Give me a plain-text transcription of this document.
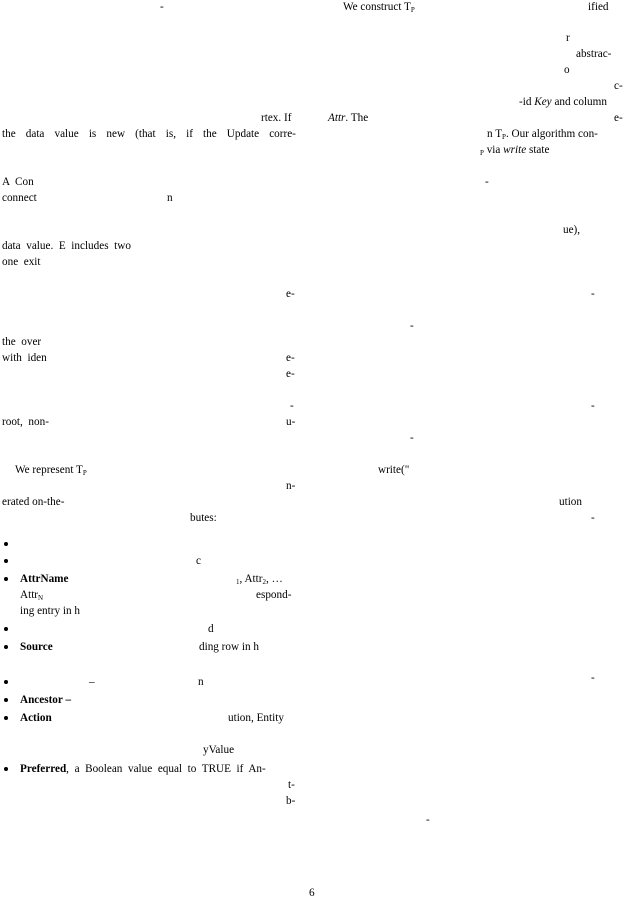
-
rtex. If
the data value is new (that is, if the Update corre-
A  Con
connect	n
data  value.  E  includes  two
one  exit
e-
the  over
with  iden	e-
e-
-
root,  non-	u-
We represent $T_P$
n-
erated on-the-
butes:
c
AttrName	$_1$, Attr$_2$, …
Attr$_N$	espond-
ing entry in h
d
Source	ding row in h
–	n
Ancestor –
Action	ution, Entity
yValue
Preferred,  a  Boolean  value  equal  to  TRUE  if  An-
t-
b-
-
We construct $T_P$	ified
r
abstrac-
o
c-
-id Key and column
Attr. The	e-
n $T_P$. Our algorithm con-
$_P$ via write state
-
ue),
-
-
-
-
write("
ution
-
-
6
